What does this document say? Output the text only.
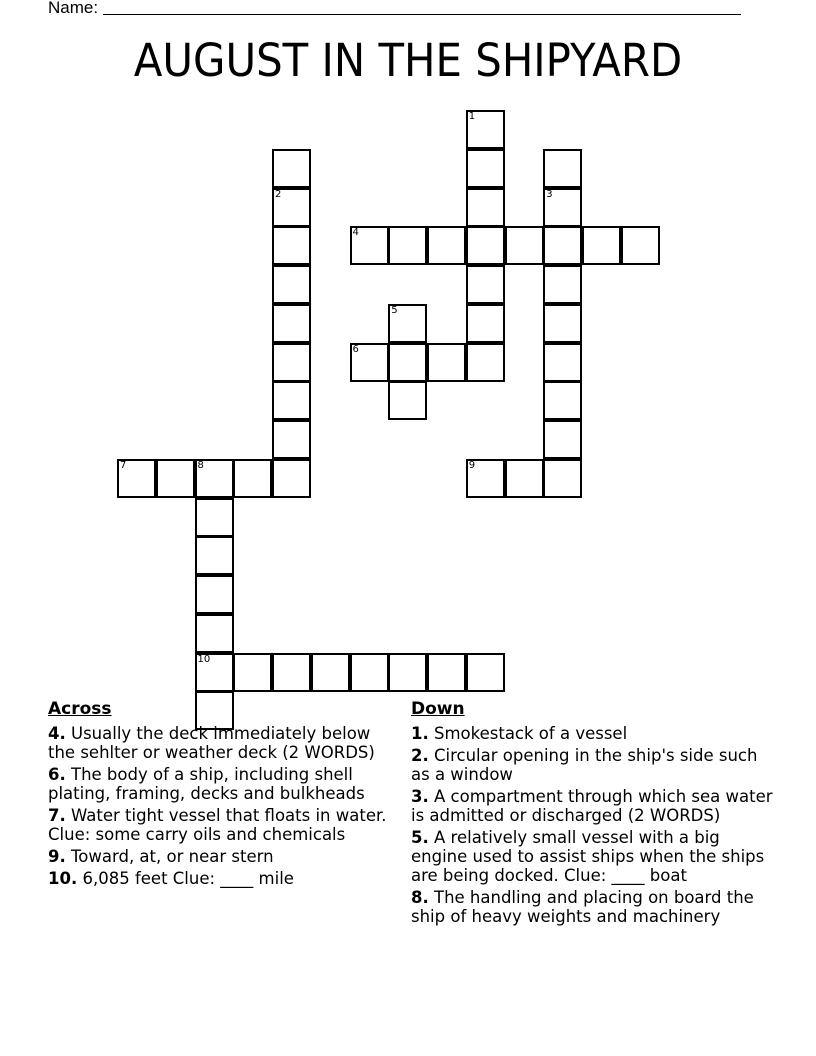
Name:
AUGUST IN THE SHIPYARD
1
2	3
4
5
6
7	8	9
10
Across
4. Usually the deck immediately below the sehlter or weather deck (2 WORDS)
6. The body of a ship, including shell plating, framing, decks and bulkheads
7. Water tight vessel that floats in water. Clue: some carry oils and chemicals
9. Toward, at, or near stern
10. 6,085 feet Clue: ____ mile
Down
1. Smokestack of a vessel
2. Circular opening in the ship's side such as a window
3. A compartment through which sea water is admitted or discharged (2 WORDS)
5. A relatively small vessel with a big engine used to assist ships when the ships are being docked. Clue: ____ boat
8. The handling and placing on board the ship of heavy weights and machinery
